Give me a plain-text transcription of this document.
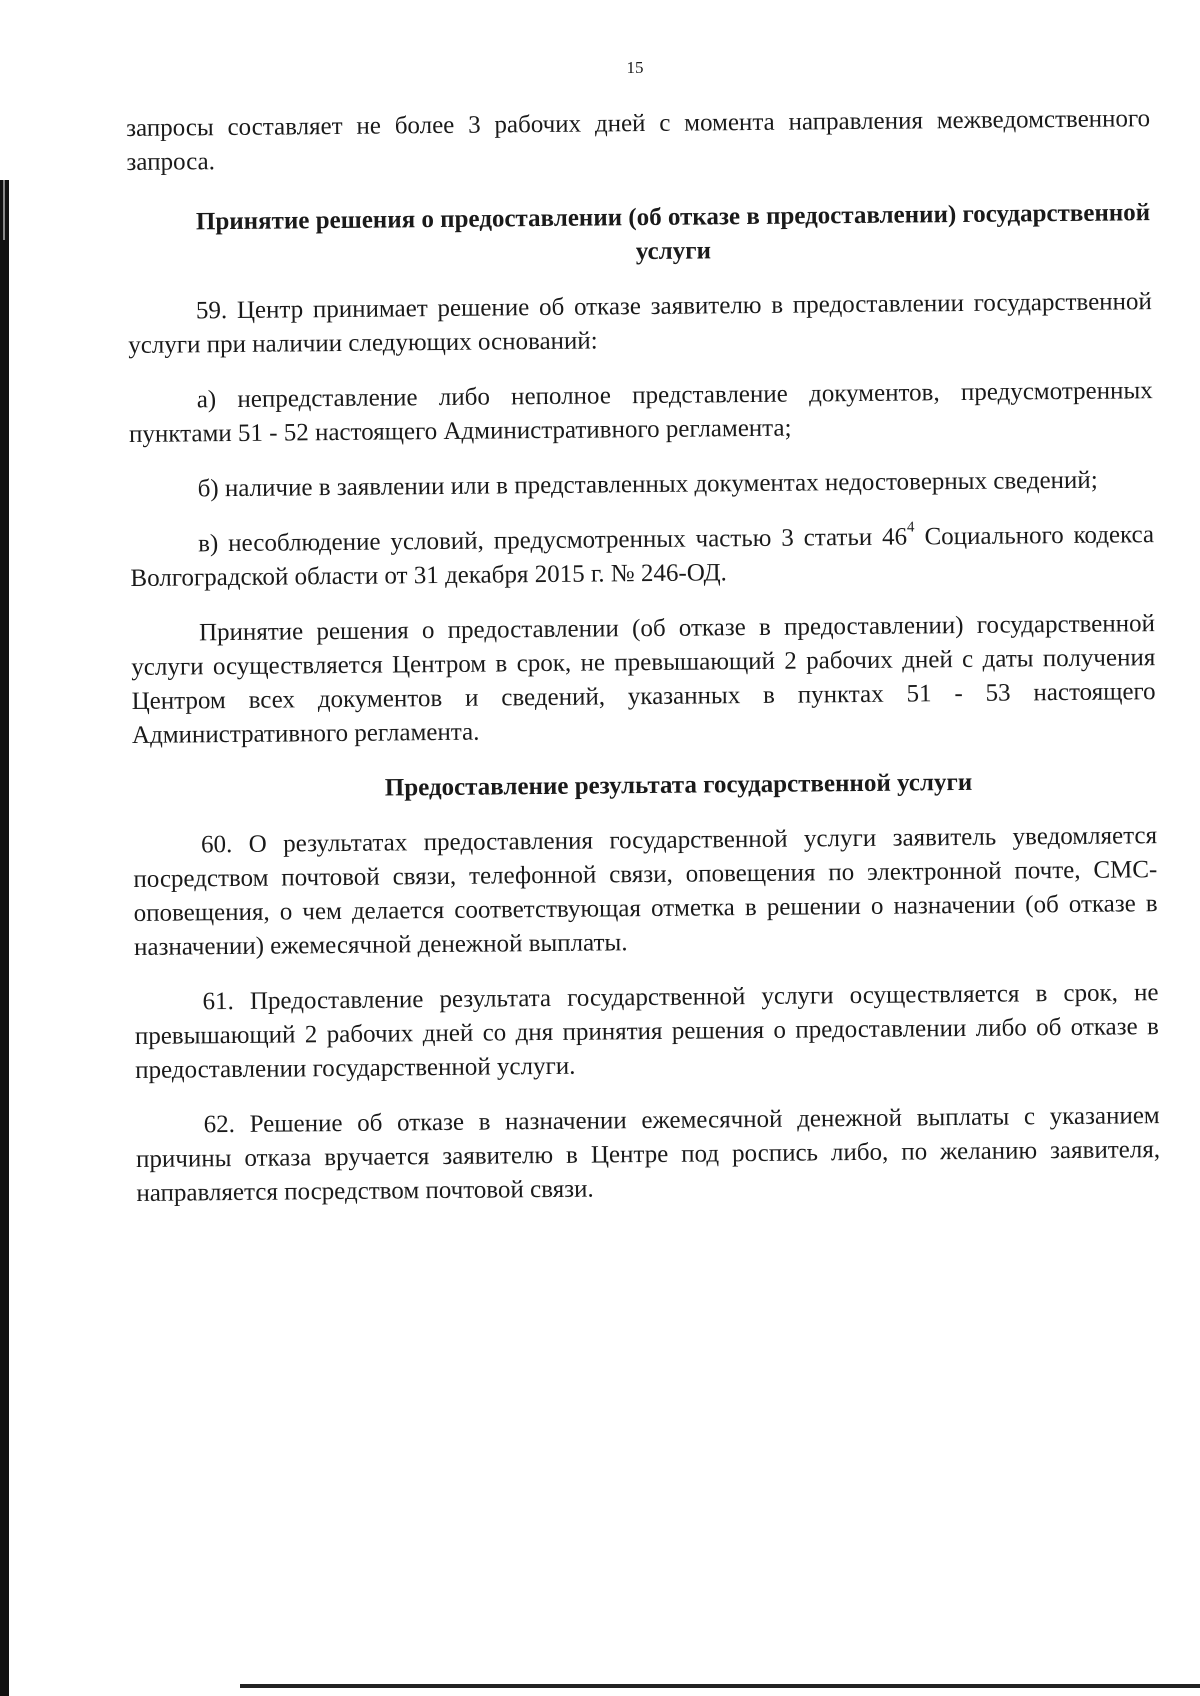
15

запросы составляет не более 3 рабочих дней с момента направления межведомственного запроса.

Принятие решения о предоставлении (об отказе в предоставлении) государственной услуги

59. Центр принимает решение об отказе заявителю в предоставлении государственной услуги при наличии следующих оснований:

а) непредставление либо неполное представление документов, предусмотренных пунктами 51 - 52 настоящего Административного регламента;

б) наличие в заявлении или в представленных документах недостоверных сведений;

в) несоблюдение условий, предусмотренных частью 3 статьи $46^4$ Социального кодекса Волгоградской области от 31 декабря 2015 г. № 246-ОД.

Принятие решения о предоставлении (об отказе в предоставлении) государственной услуги осуществляется Центром в срок, не превышающий 2 рабочих дней с даты получения Центром всех документов и сведений, указанных в пунктах 51 - 53 настоящего Административного регламента.

Предоставление результата государственной услуги

60. О результатах предоставления государственной услуги заявитель уведомляется посредством почтовой связи, телефонной связи, оповещения по электронной почте, СМС-оповещения, о чем делается соответствующая отметка в решении о назначении (об отказе в назначении) ежемесячной денежной выплаты.

61. Предоставление результата государственной услуги осуществляется в срок, не превышающий 2 рабочих дней со дня принятия решения о предоставлении либо об отказе в предоставлении государственной услуги.

62. Решение об отказе в назначении ежемесячной денежной выплаты с указанием причины отказа вручается заявителю в Центре под роспись либо, по желанию заявителя, направляется посредством почтовой связи.
